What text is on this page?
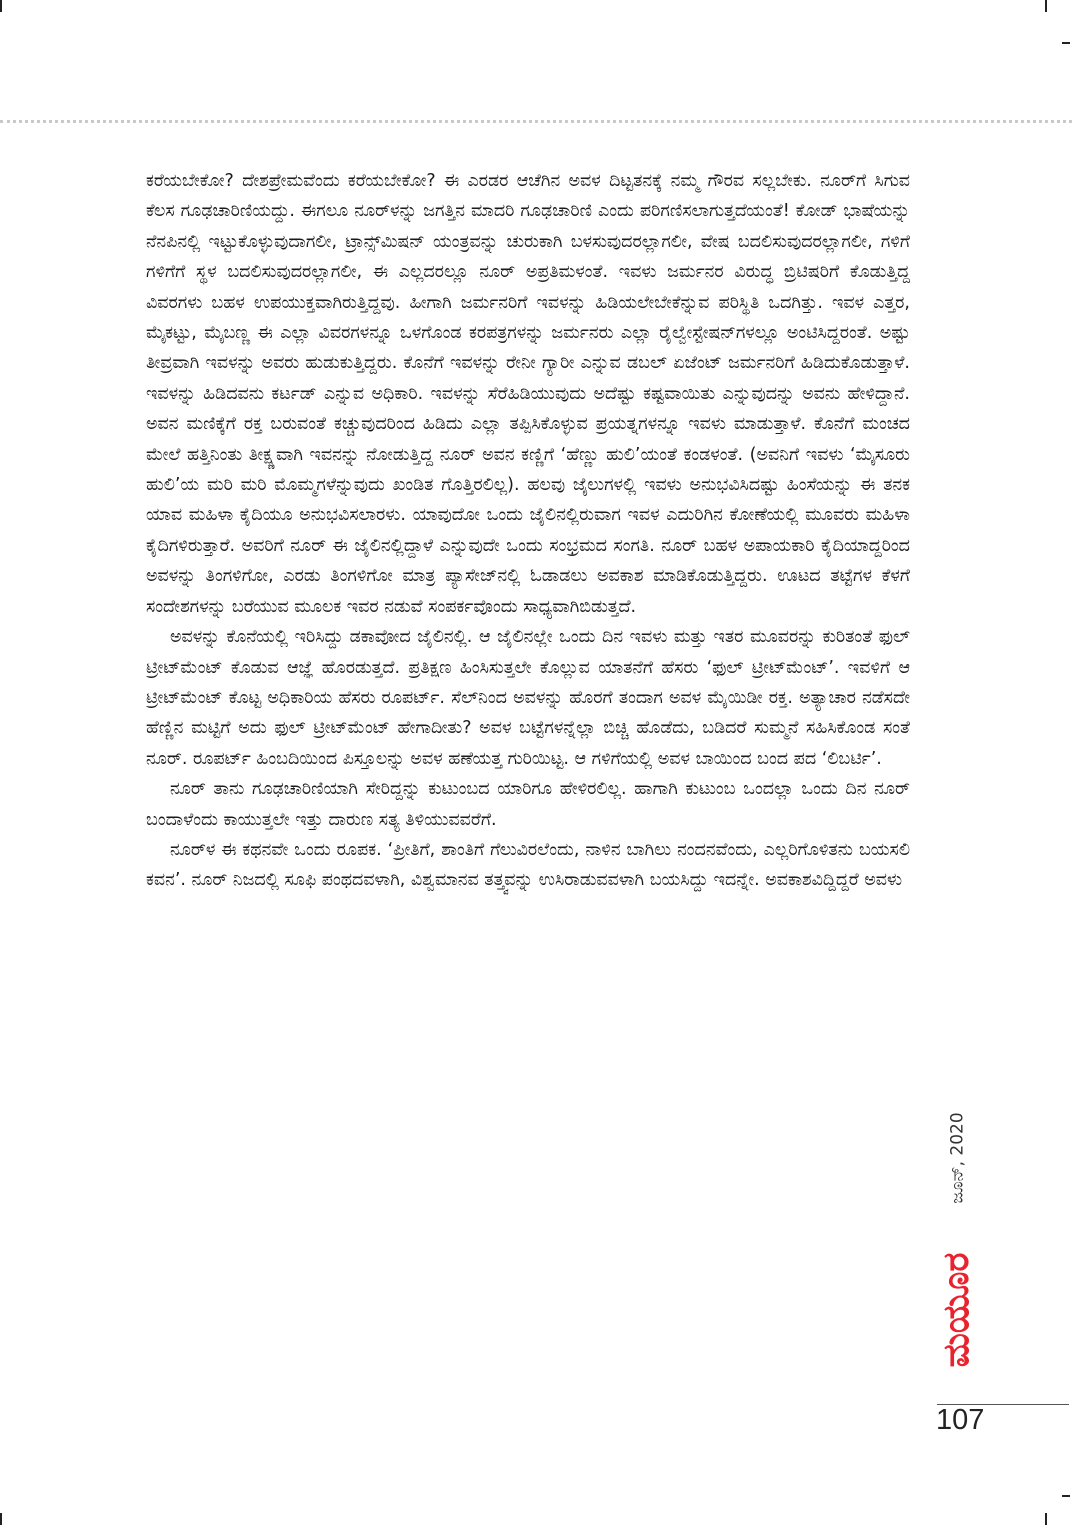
ಕರೆಯಬೇಕೋ? ದೇಶಪ್ರೇಮವೆಂದು ಕರೆಯಬೇಕೋ? ಈ ಎರಡರ ಆಚೆಗಿನ ಅವಳ ದಿಟ್ಟತನಕ್ಕೆ ನಮ್ಮ ಗೌರವ ಸಲ್ಲಬೇಕು. ನೂರ್‌ಗೆ ಸಿಗುವ ಕೆಲಸ ಗೂಢಚಾರಿಣಿಯದ್ದು. ಈಗಲೂ ನೂರ್‌ಳನ್ನು ಜಗತ್ತಿನ ಮಾದರಿ ಗೂಢಚಾರಿಣಿ ಎಂದು ಪರಿಗಣಿಸಲಾಗುತ್ತದೆಯಂತೆ! ಕೋಡ್ ಭಾಷೆಯನ್ನು ನೆನಪಿನಲ್ಲಿ ಇಟ್ಟುಕೊಳ್ಳುವುದಾಗಲೀ, ಟ್ರಾನ್ಸ್‌ಮಿಷನ್ ಯಂತ್ರವನ್ನು ಚುರುಕಾಗಿ ಬಳಸುವುದರಲ್ಲಾಗಲೀ, ವೇಷ ಬದಲಿಸುವುದರಲ್ಲಾಗಲೀ, ಗಳಿಗೆ ಗಳಿಗೆಗೆ ಸ್ಥಳ ಬದಲಿಸುವುದರಲ್ಲಾಗಲೀ, ಈ ಎಲ್ಲದರಲ್ಲೂ ನೂರ್ ಅಪ್ರತಿಮಳಂತೆ. ಇವಳು ಜರ್ಮನರ ವಿರುದ್ಧ ಬ್ರಿಟಿಷರಿಗೆ ಕೊಡುತ್ತಿದ್ದ ವಿವರಗಳು ಬಹಳ ಉಪಯುಕ್ತವಾಗಿರುತ್ತಿದ್ದವು. ಹೀಗಾಗಿ ಜರ್ಮನರಿಗೆ ಇವಳನ್ನು ಹಿಡಿಯಲೇಬೇಕೆನ್ನುವ ಪರಿಸ್ಥಿತಿ ಒದಗಿತ್ತು. ಇವಳ ಎತ್ತರ, ಮೈಕಟ್ಟು, ಮೈಬಣ್ಣ ಈ ಎಲ್ಲಾ ವಿವರಗಳನ್ನೂ ಒಳಗೊಂಡ ಕರಪತ್ರಗಳನ್ನು ಜರ್ಮನರು ಎಲ್ಲಾ ರೈಲ್ವೇಸ್ಟೇಷನ್‌ಗಳಲ್ಲೂ ಅಂಟಿಸಿದ್ದರಂತೆ. ಅಷ್ಟು ತೀವ್ರವಾಗಿ ಇವಳನ್ನು ಅವರು ಹುಡುಕುತ್ತಿದ್ದರು. ಕೊನೆಗೆ ಇವಳನ್ನು ರೇನೀ ಗ್ಯಾರೀ ಎನ್ನುವ ಡಬಲ್ ಏಜೆಂಟ್ ಜರ್ಮನರಿಗೆ ಹಿಡಿದುಕೊಡುತ್ತಾಳೆ. ಇವಳನ್ನು ಹಿಡಿದವನು ಕರ್ಟಡ್ ಎನ್ನುವ ಅಧಿಕಾರಿ. ಇವಳನ್ನು ಸೆರೆಹಿಡಿಯುವುದು ಅದೆಷ್ಟು ಕಷ್ಟವಾಯಿತು ಎನ್ನುವುದನ್ನು ಅವನು ಹೇಳಿದ್ದಾನೆ. ಅವನ ಮಣಿಕ್ಕೆಗೆ ರಕ್ತ ಬರುವಂತೆ ಕಚ್ಚುವುದರಿಂದ ಹಿಡಿದು ಎಲ್ಲಾ ತಪ್ಪಿಸಿಕೊಳ್ಳುವ ಪ್ರಯತ್ನಗಳನ್ನೂ ಇವಳು ಮಾಡುತ್ತಾಳೆ. ಕೊನೆಗೆ ಮಂಚದ ಮೇಲೆ ಹತ್ತಿನಿಂತು ತೀಕ್ಷ್ಣವಾಗಿ ಇವನನ್ನು ನೋಡುತ್ತಿದ್ದ ನೂರ್ ಅವನ ಕಣ್ಣಿಗೆ ‘ಹೆಣ್ಣು ಹುಲಿ’ಯಂತೆ ಕಂಡಳಂತೆ. (ಅವನಿಗೆ ಇವಳು ‘ಮೈಸೂರು ಹುಲಿ’ಯ ಮರಿ ಮರಿ ಮೊಮ್ಮಗಳೆನ್ನುವುದು ಖಂಡಿತ ಗೊತ್ತಿರಲಿಲ್ಲ). ಹಲವು ಜೈಲುಗಳಲ್ಲಿ ಇವಳು ಅನುಭವಿಸಿದಷ್ಟು ಹಿಂಸೆಯನ್ನು ಈ ತನಕ ಯಾವ ಮಹಿಳಾ ಕೈದಿಯೂ ಅನುಭವಿಸಲಾರಳು. ಯಾವುದೋ ಒಂದು ಜೈಲಿನಲ್ಲಿರುವಾಗ ಇವಳ ಎದುರಿಗಿನ ಕೋಣೆಯಲ್ಲಿ ಮೂವರು ಮಹಿಳಾ ಕೈದಿಗಳಿರುತ್ತಾರೆ. ಅವರಿಗೆ ನೂರ್ ಈ ಜೈಲಿನಲ್ಲಿದ್ದಾಳೆ ಎನ್ನುವುದೇ ಒಂದು ಸಂಭ್ರಮದ ಸಂಗತಿ. ನೂರ್ ಬಹಳ ಅಪಾಯಕಾರಿ ಕೈದಿಯಾದ್ದರಿಂದ ಅವಳನ್ನು ತಿಂಗಳಿಗೋ, ಎರಡು ತಿಂಗಳಿಗೋ ಮಾತ್ರ ಪ್ಯಾಸೇಜ್‌ನಲ್ಲಿ ಓಡಾಡಲು ಅವಕಾಶ ಮಾಡಿಕೊಡುತ್ತಿದ್ದರು. ಊಟದ ತಟ್ಟೆಗಳ ಕೆಳಗೆ ಸಂದೇಶಗಳನ್ನು ಬರೆಯುವ ಮೂಲಕ ಇವರ ನಡುವೆ ಸಂಪರ್ಕವೊಂದು ಸಾಧ್ಯವಾಗಿಬಿಡುತ್ತದೆ.

ಅವಳನ್ನು ಕೊನೆಯಲ್ಲಿ ಇರಿಸಿದ್ದು ಡಕಾವೋದ ಜೈಲಿನಲ್ಲಿ. ಆ ಜೈಲಿನಲ್ಲೇ ಒಂದು ದಿನ ಇವಳು ಮತ್ತು ಇತರ ಮೂವರನ್ನು ಕುರಿತಂತೆ ಫುಲ್ ಟ್ರೀಟ್‌ಮೆಂಟ್ ಕೊಡುವ ಆಜ್ಞೆ ಹೊರಡುತ್ತದೆ. ಪ್ರತಿಕ್ಷಣ ಹಿಂಸಿಸುತ್ತಲೇ ಕೊಲ್ಲುವ ಯಾತನೆಗೆ ಹೆಸರು ‘ಫುಲ್ ಟ್ರೀಟ್‌ಮೆಂಟ್’. ಇವಳಿಗೆ ಆ ಟ್ರೀಟ್‌ಮೆಂಟ್ ಕೊಟ್ಟ ಅಧಿಕಾರಿಯ ಹೆಸರು ರೂಪರ್ಟ್. ಸೆಲ್‌ನಿಂದ ಅವಳನ್ನು ಹೊರಗೆ ತಂದಾಗ ಅವಳ ಮೈಯಿಡೀ ರಕ್ತ. ಅತ್ಯಾಚಾರ ನಡೆಸದೇ ಹೆಣ್ಣಿನ ಮಟ್ಟಿಗೆ ಅದು ಫುಲ್ ಟ್ರೀಟ್‌ಮೆಂಟ್ ಹೇಗಾದೀತು? ಅವಳ ಬಟ್ಟೆಗಳನ್ನೆಲ್ಲಾ ಬಿಚ್ಚಿ ಹೊಡೆದು, ಬಡಿದರೆ ಸುಮ್ಮನೆ ಸಹಿಸಿಕೊಂಡ ಸಂತೆ ನೂರ್. ರೂಪರ್ಟ್ ಹಿಂಬದಿಯಿಂದ ಪಿಸ್ತೂಲನ್ನು ಅವಳ ಹಣೆಯತ್ತ ಗುರಿಯಿಟ್ಟ. ಆ ಗಳಿಗೆಯಲ್ಲಿ ಅವಳ ಬಾಯಿಂದ ಬಂದ ಪದ ‘ಲಿಬರ್ಟಿ’.

ನೂರ್ ತಾನು ಗೂಢಚಾರಿಣಿಯಾಗಿ ಸೇರಿದ್ದನ್ನು ಕುಟುಂಬದ ಯಾರಿಗೂ ಹೇಳಿರಲಿಲ್ಲ. ಹಾಗಾಗಿ ಕುಟುಂಬ ಒಂದಲ್ಲಾ ಒಂದು ದಿನ ನೂರ್ ಬಂದಾಳೆಂದು ಕಾಯುತ್ತಲೇ ಇತ್ತು ದಾರುಣ ಸತ್ಯ ತಿಳಿಯುವವರೆಗೆ.

ನೂರ್‌ಳ ಈ ಕಥನವೇ ಒಂದು ರೂಪಕ. ‘ಪ್ರೀತಿಗೆ, ಶಾಂತಿಗೆ ಗೆಲುವಿರಲೆಂದು, ನಾಳಿನ ಬಾಗಿಲು ನಂದನವೆಂದು, ಎಲ್ಲರಿಗೊಳಿತನು ಬಯಸಲಿ ಕವನ’. ನೂರ್ ನಿಜದಲ್ಲಿ ಸೂಫಿ ಪಂಥದವಳಾಗಿ, ವಿಶ್ವಮಾನವ ತತ್ತ್ವವನ್ನು ಉಸಿರಾಡುವವಳಾಗಿ ಬಯಸಿದ್ದು ಇದನ್ನೇ. ಅವಕಾಶವಿದ್ದಿದ್ದರೆ ಅವಳು

ಜೂನ್, 2020
ಮಯೂರ
107
